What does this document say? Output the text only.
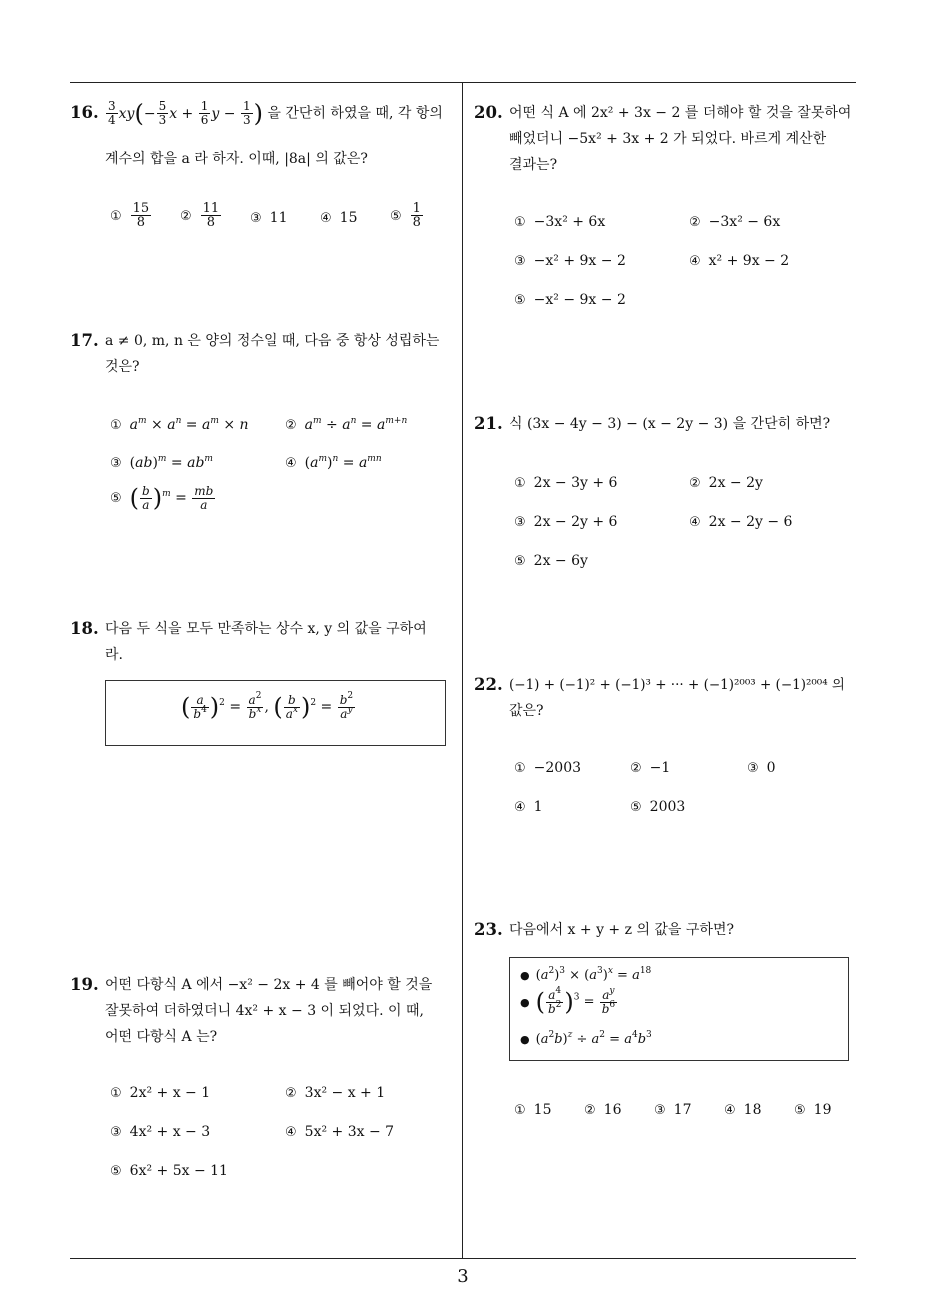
3
16. $\frac{3}{4} xy(- \frac{5}{3}$ $x + \frac{1}{6}$ $y - \frac{1}{3}$ ) 을 간단히 하였을 때, 각 항의
계수의 합을 a 라 하자. 이때, |8a| 의 값은?
① $\frac{15}{8}$ ② $\frac{11}{8}$ ③ 11	④ 15	⑤ $\frac{1}{8}$
17. a ≠ 0, m, n 은 양의 정수일 때, 다음 중 항상 성립하는
것은?
① $a^m \times a^n = a^m \times n$	② $a^m \div a^n = a^{m+n}$
③ $(ab)^m = ab^m$	④ $(a^m)^n = a^{mn}$
⑤ ( $\frac{b}{a} )^m = \frac{mb}{a}$
18. 다음 두 식을 모두 만족하는 상수 x, y 의 값을 구하여
라.
( $\frac{a}{b^4} )^2 = \frac{a^2}{b^x}$ , ( $\frac{b}{a^x} )^2 = \frac{b^2}{a^y}$
19. 어떤 다항식 A 에서 −x² − 2x + 4 를 빼어야 할 것을
잘못하여 더하였더니 4x² + x − 3 이 되었다. 이 때,
어떤 다항식 A 는?
① 2x² + x − 1	② 3x² − x + 1
③ 4x² + x − 3	④ 5x² + 3x − 7
⑤ 6x² + 5x − 11
20. 어떤 식 A 에 2x² + 3x − 2 를 더해야 할 것을 잘못하여
빼었더니 −5x² + 3x + 2 가 되었다. 바르게 계산한
결과는?
① −3x² + 6x	② −3x² − 6x
③ −x² + 9x − 2	④ x² + 9x − 2
⑤ −x² − 9x − 2
21. 식 (3x − 4y − 3) − (x − 2y − 3) 을 간단히 하면?
① 2x − 3y + 6	② 2x − 2y
③ 2x − 2y + 6	④ 2x − 2y − 6
⑤ 2x − 6y
22. (−1) + (−1)² + (−1)³ + ··· + (−1)²⁰⁰³ + (−1)²⁰⁰⁴ 의
값은?
① −2003	② −1	③ 0
④ 1	⑤ 2003
23. 다음에서 x + y + z 의 값을 구하면?
● $(a^2)^3 \times (a^3)^x = a^{18}$
● ( $\frac{a^4}{b^2} )^3 = \frac{a^y}{b^6}$
● $(a^2b)^z \div a^2 = a^4b^3$
① 15	② 16	③ 17	④ 18	⑤ 19
